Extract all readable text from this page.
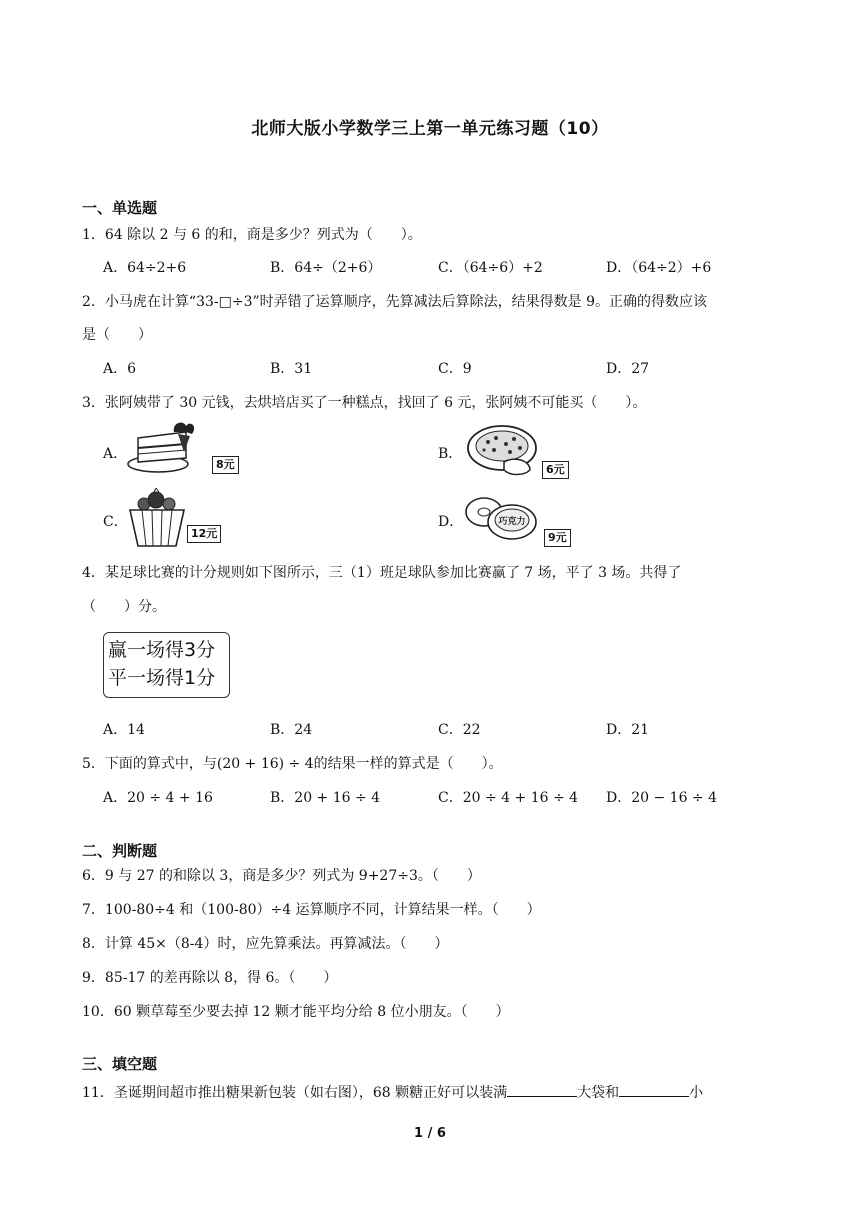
北师大版小学数学三上第一单元练习题（10）
一、单选题
1．64 除以 2 与 6 的和，商是多少？列式为（　　）。
A．64÷2+6	B．64÷（2+6）	C．（64÷6）+2	D．（64÷2）+6
2．小马虎在计算“33-□÷3”时弄错了运算顺序，先算减法后算除法，结果得数是 9。正确的得数应该
是（　　）
A．6	B．31	C．9	D．27
3．张阿姨带了 30 元钱，去烘培店买了一种糕点，找回了 6 元，张阿姨不可能买（　　）。
A．
8元
B．
6元
C．
12元
D．	巧克力
9元
4．某足球比赛的计分规则如下图所示，三（1）班足球队参加比赛赢了 7 场，平了 3 场。共得了
（　　）分。
赢一场得3分
平一场得1分
A．14	B．24	C．22	D．21
5．下面的算式中，与(20 + 16) ÷ 4的结果一样的算式是（　　）。
A．20 ÷ 4 + 16	B．20 + 16 ÷ 4	C．20 ÷ 4 + 16 ÷ 4 D．20 − 16 ÷ 4
二、判断题
6．9 与 27 的和除以 3，商是多少？列式为 9+27÷3。（　　）
7．100-80÷4 和（100-80）÷4 运算顺序不同，计算结果一样。（　　）
8．计算 45×（8-4）时，应先算乘法。再算减法。（　　）
9．85-17 的差再除以 8，得 6。（　　）
10．60 颗草莓至少要去掉 12 颗才能平均分给 8 位小朋友。（　　）
三、填空题
11．圣诞期间超市推出糖果新包装（如右图），68 颗糖正好可以装满	大袋和	小
1 / 6
